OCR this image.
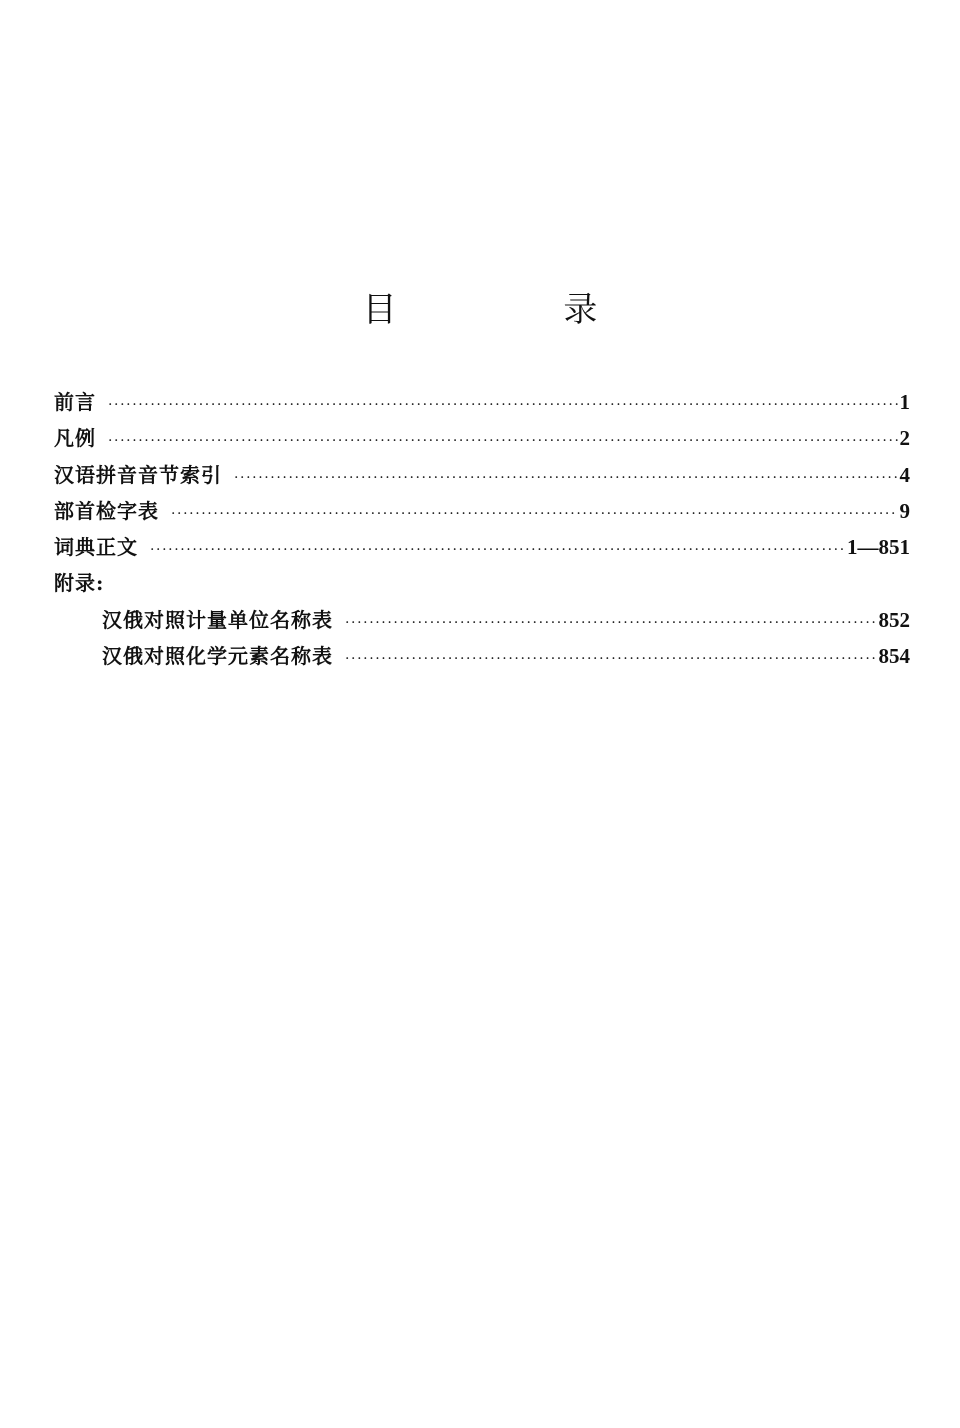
目 录
前言 ·····	1
凡例 ·····	2
汉语拼音音节索引 ·····	4
部首检字表 ·····	9
词典正文 ·····	1—851
附录:
汉俄对照计量单位名称表 ·····	852
汉俄对照化学元素名称表 ·····	854
